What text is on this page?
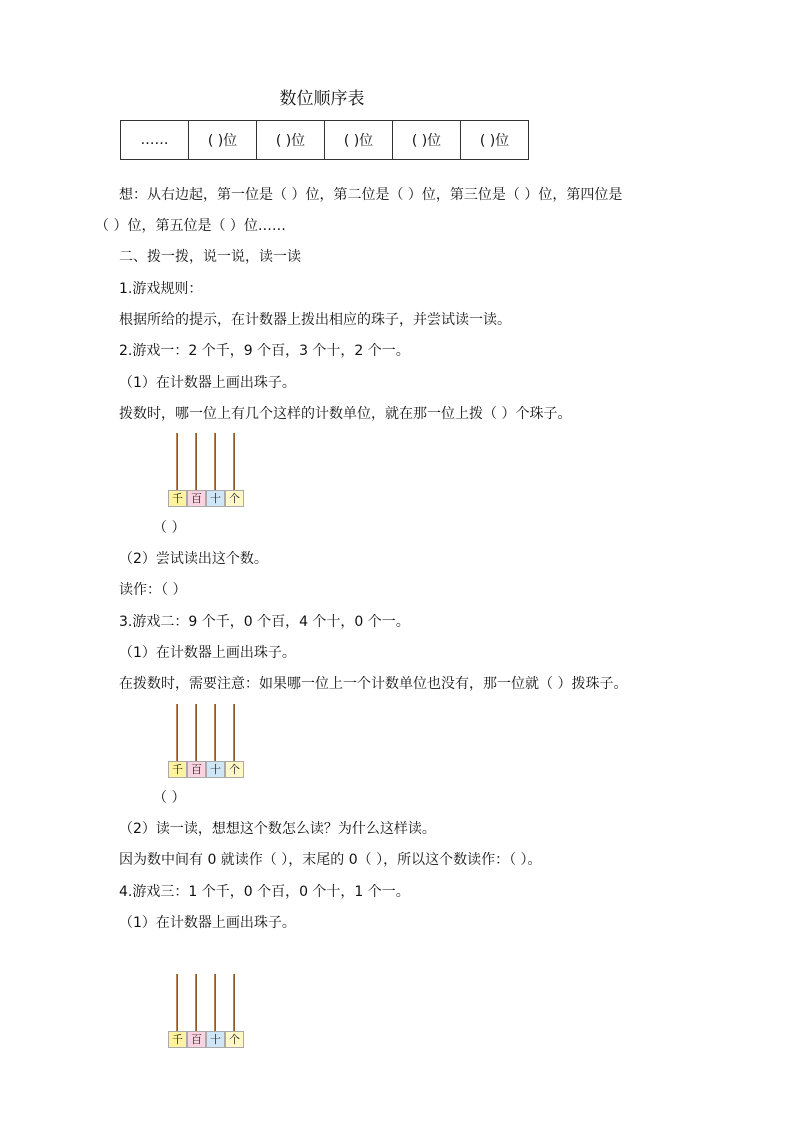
数位顺序表
……	( )位	( )位	( )位	( )位	( )位
想：从右边起，第一位是（ ）位，第二位是（ ）位，第三位是（ ）位，第四位是
（ ）位，第五位是（ ）位……
二、拨一拨，说一说，读一读
1.游戏规则：
根据所给的提示，在计数器上拨出相应的珠子，并尝试读一读。
2.游戏一：2 个千，9 个百，3 个十，2 个一。
（1）在计数器上画出珠子。
拨数时，哪一位上有几个这样的计数单位，就在那一位上拨（ ）个珠子。
千 百 十 个
（ ）
（2）尝试读出这个数。
读作：（ ）
3.游戏二：9 个千，0 个百，4 个十，0 个一。
（1）在计数器上画出珠子。
在拨数时，需要注意：如果哪一位上一个计数单位也没有，那一位就（ ）拨珠子。
千 百 十 个
（ ）
（2）读一读，想想这个数怎么读？为什么这样读。
因为数中间有 0 就读作（ ），末尾的 0（ ），所以这个数读作：（ ）。
4.游戏三：1 个千，0 个百，0 个十，1 个一。
（1）在计数器上画出珠子。
千 百 十 个
